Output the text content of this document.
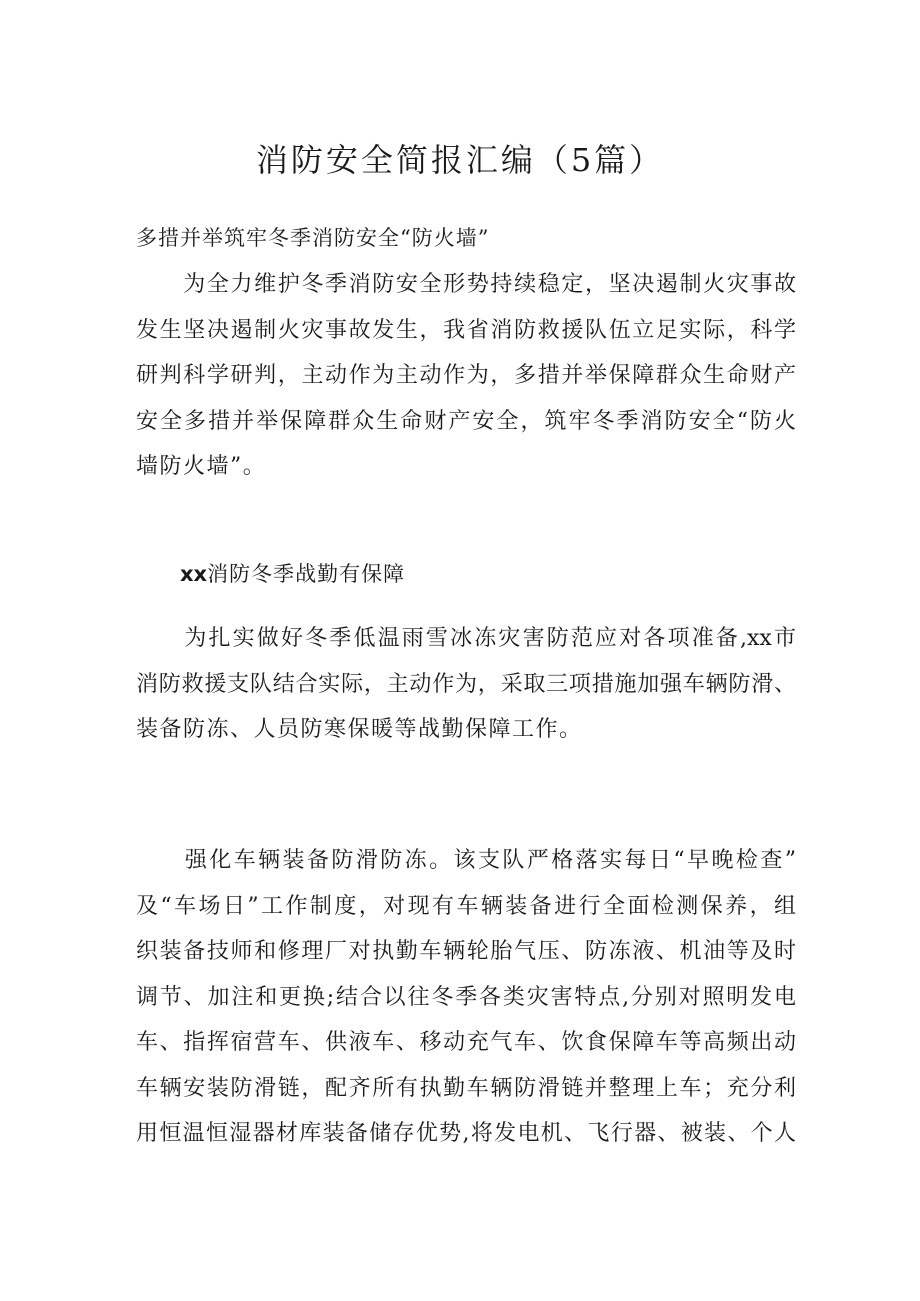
消防安全简报汇编（5篇）
多措并举筑牢冬季消防安全“防火墙”
　　为全力维护冬季消防安全形势持续稳定，坚决遏制火灾事故
发生坚决遏制火灾事故发生，我省消防救援队伍立足实际，科学
研判科学研判，主动作为主动作为，多措并举保障群众生命财产
安全多措并举保障群众生命财产安全，筑牢冬季消防安全“防火
墙防火墙”。
xx消防冬季战勤有保障
　　为扎实做好冬季低温雨雪冰冻灾害防范应对各项准备,xx市
消防救援支队结合实际，主动作为，采取三项措施加强车辆防滑、
装备防冻、人员防寒保暖等战勤保障工作。
　　强化车辆装备防滑防冻。该支队严格落实每日“早晚检查”
及“车场日”工作制度，对现有车辆装备进行全面检测保养，组
织装备技师和修理厂对执勤车辆轮胎气压、防冻液、机油等及时
调节、加注和更换;结合以往冬季各类灾害特点,分别对照明发电
车、指挥宿营车、供液车、移动充气车、饮食保障车等高频出动
车辆安装防滑链，配齐所有执勤车辆防滑链并整理上车；充分利
用恒温恒湿器材库装备储存优势,将发电机、飞行器、被装、个人
